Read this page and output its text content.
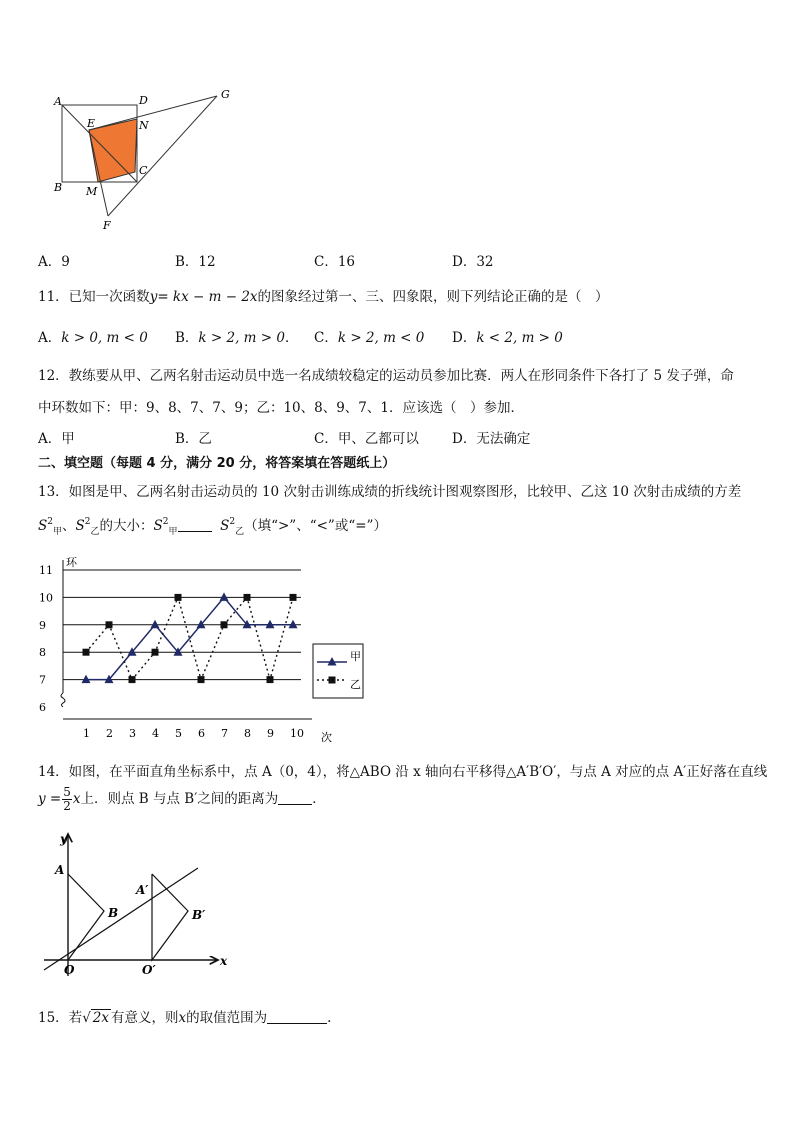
A	D	G
E	N
C
B M
F
A．9	B．12	C．16	D．32
11．已知一次函数y= kx − m − 2x的图象经过第一、三、四象限，则下列结论正确的是（　）
A．k > 0, m < 0 B．k > 2, m > 0． C．k > 2, m < 0 D．k < 2, m > 0
12．教练要从甲、乙两名射击运动员中选一名成绩较稳定的运动员参加比赛．两人在形同条件下各打了 5 发子弹，命
中环数如下：甲：9、8、7、7、9；乙：10、8、9、7、1．应该选（　）参加．
A．甲	B．乙	C．甲、乙都可以 D．无法确定
二、填空题（每题 4 分，满分 20 分，将答案填在答题纸上）
13．如图是甲、乙两名射击运动员的 10 次射击训练成绩的折线统计图观察图形，比较甲、乙这 10 次射击成绩的方差
$S^2_甲$、$S^2_乙$的大小：$S^2_甲$	$S^2_乙$（填“>”、“<”或“=”）
6
7
8
9
10
11
环
1 2 3 4 5 6 7 8 9 10 次
甲
乙
14．如图，在平面直角坐标系中，点 A（0，4），将△ABO 沿 x 轴向右平移得△A′B′O′，与点 A 对应的点 A′正好落在直线
$y = \frac{5}{2}$ x上．则点 B 与点 B′之间的距离为	．
y
x
A
B
O
A′
B′
O′
15．若√ 2x 有意义，则x的取值范围为	.
